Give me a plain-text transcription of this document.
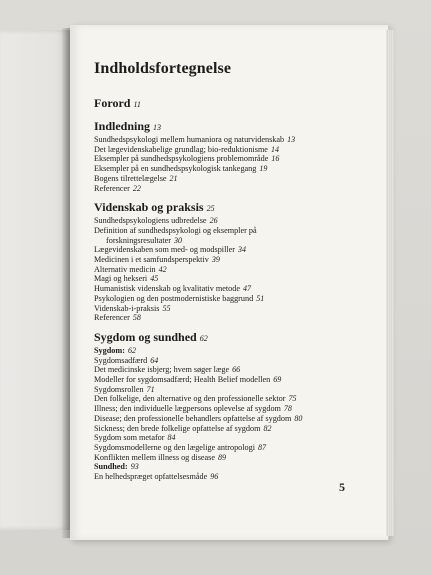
Indholdsfortegnelse
Forord 11
Indledning 13
Sundhedspsykologi mellem humaniora og naturvidenskab 13
Det lægevidenskabelige grundlag; bio-reduktionisme 14
Eksempler på sundhedspsykologiens problemområde 16
Eksempler på en sundhedspsykologisk tankegang 19
Bogens tilrettelægelse 21
Referencer 22
Videnskab og praksis 25
Sundhedspsykologiens udbredelse 26
Definition af sundhedspsykologi og eksempler på
forskningsresultater 30
Lægevidenskaben som med- og modspiller 34
Medicinen i et samfundsperspektiv 39
Alternativ medicin 42
Magi og hekseri 45
Humanistisk videnskab og kvalitativ metode 47
Psykologien og den postmodernistiske baggrund 51
Videnskab-i-praksis 55
Referencer 58
Sygdom og sundhed 62
Sygdom: 62
Sygdomsadfærd 64
Det medicinske isbjerg; hvem søger læge 66
Modeller for sygdomsadfærd; Health Belief modellen 69
Sygdomsrollen 71
Den folkelige, den alternative og den professionelle sektor 75
Illness; den individuelle lægpersons oplevelse af sygdom 78
Disease; den professionelle behandlers opfattelse af sygdom 80
Sickness; den brede folkelige opfattelse af sygdom 82
Sygdom som metafor 84
Sygdomsmodellerne og den lægelige antropologi 87
Konflikten mellem illness og disease 89
Sundhed: 93
En helhedspræget opfattelsesmåde 96
5
